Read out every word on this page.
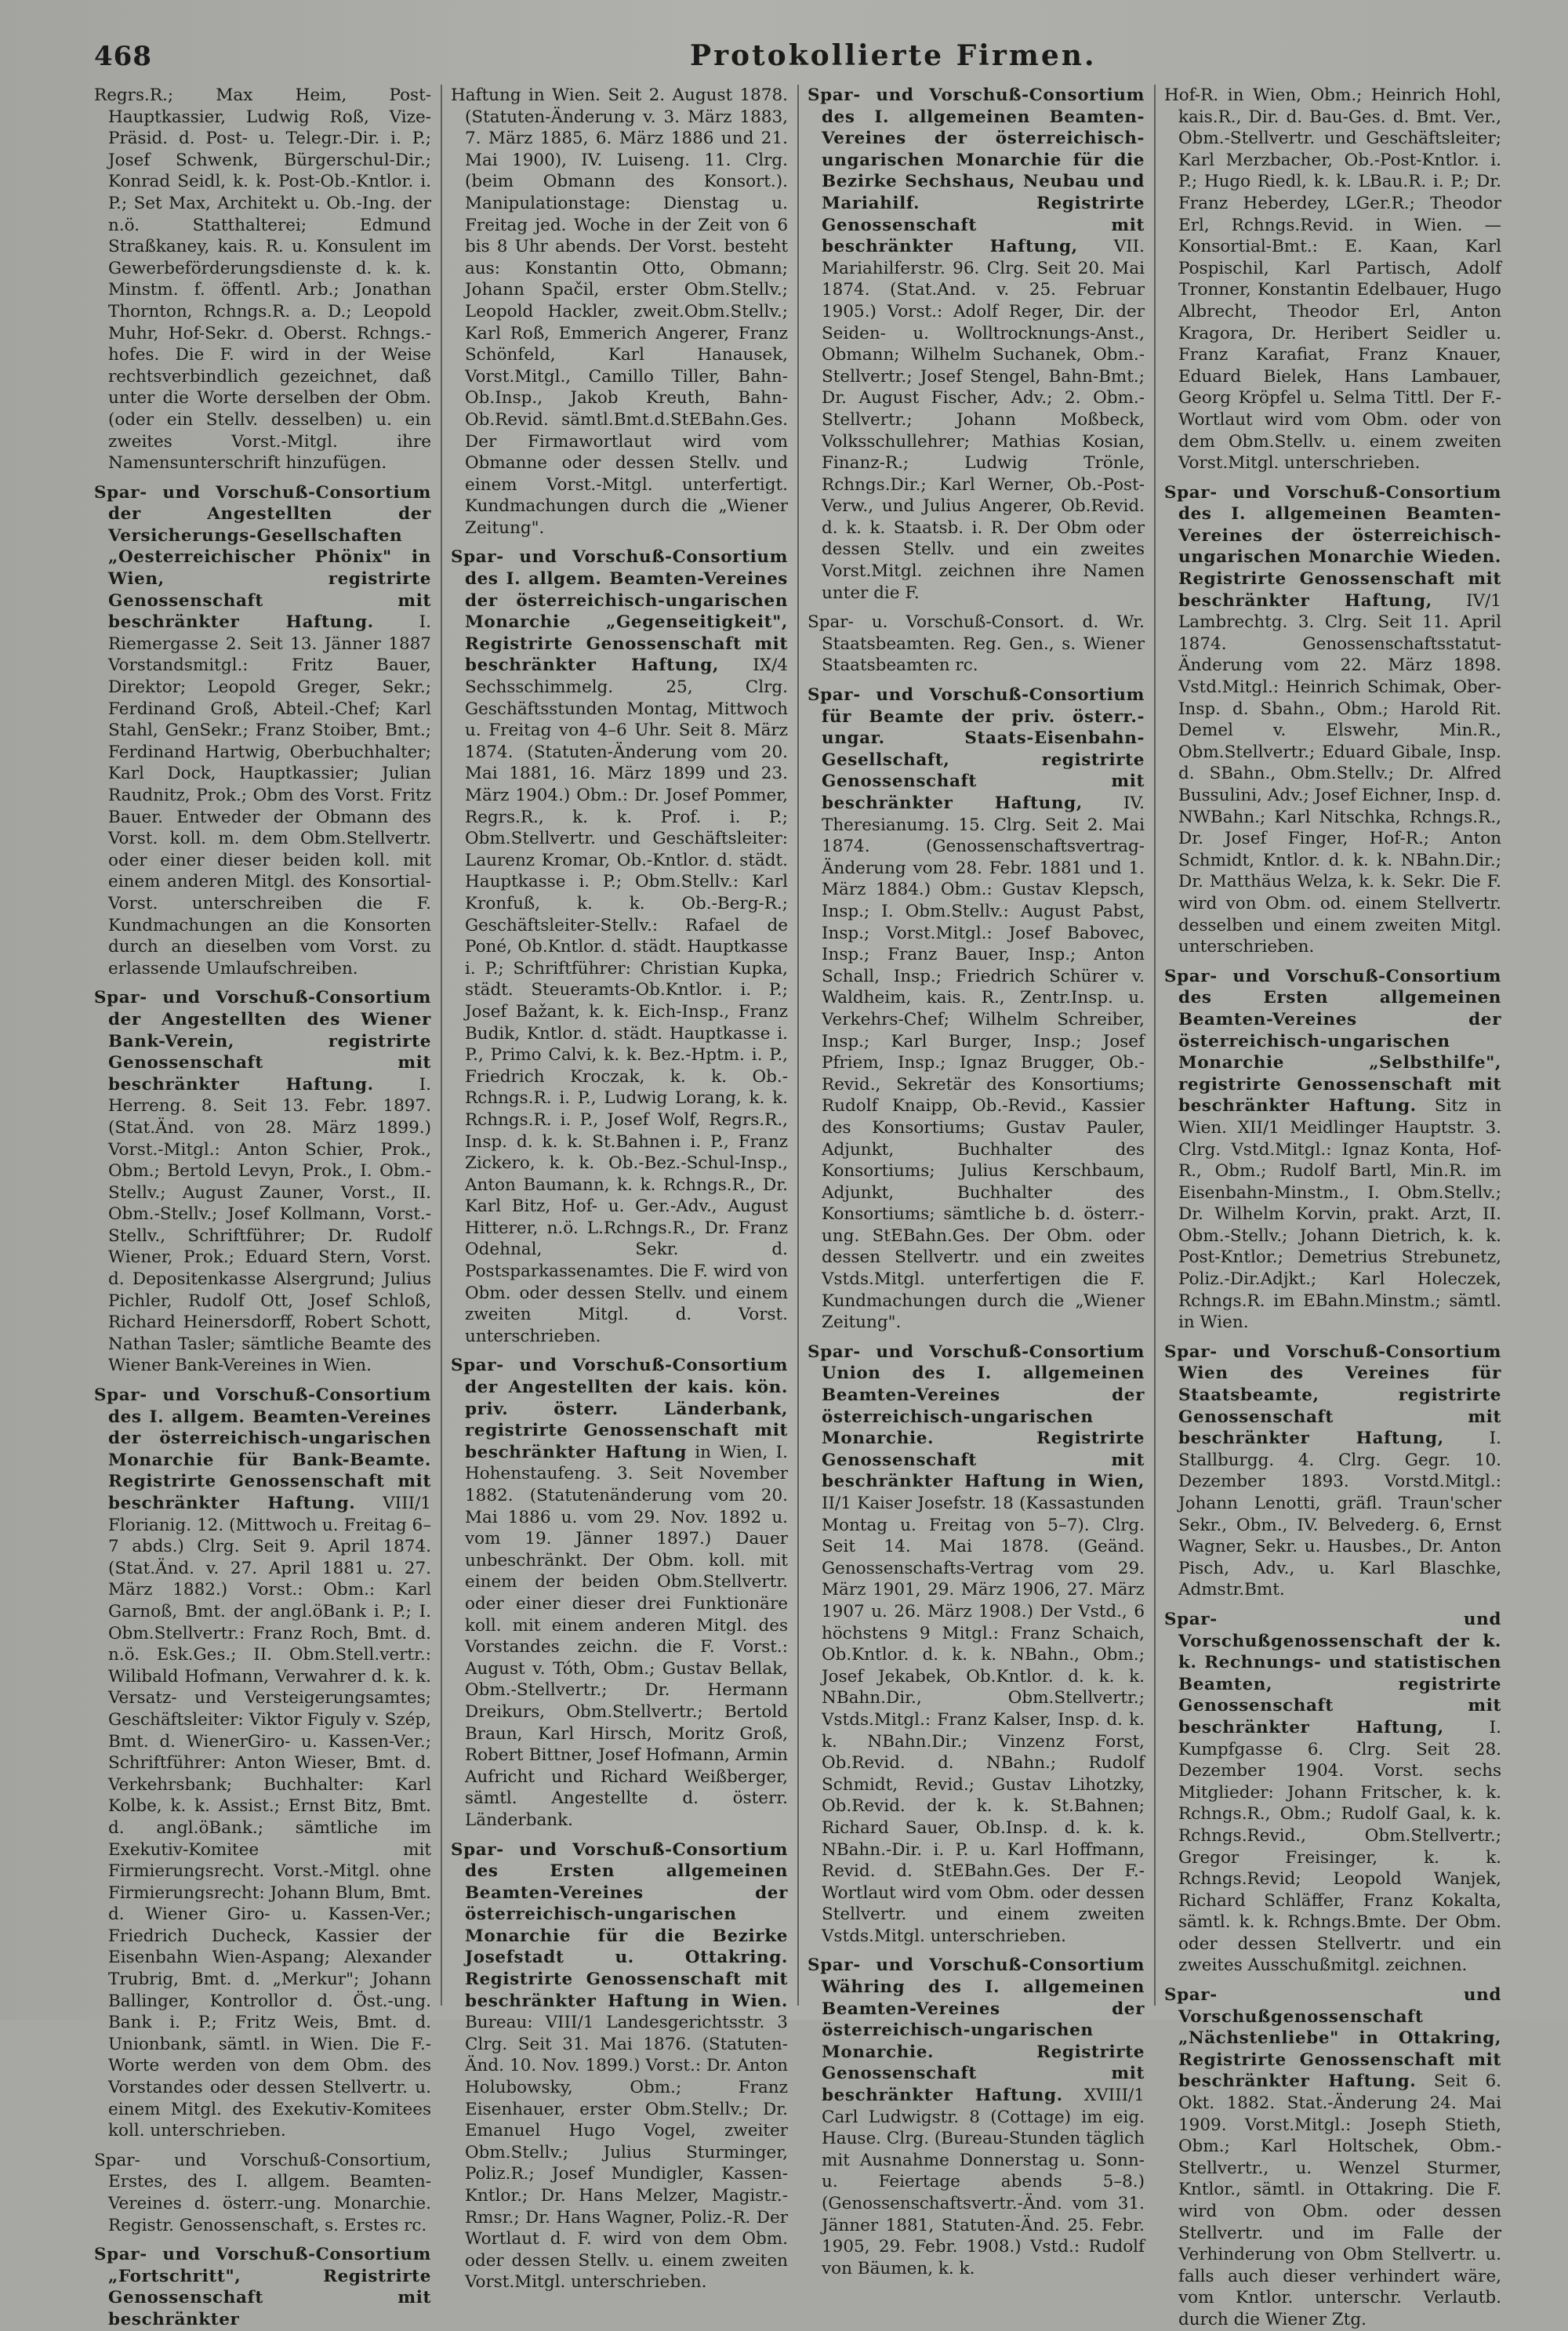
468	Protokollierte Firmen.

Regrs.R.; Max Heim, Post-Hauptkassier, Ludwig Roß, Vize-Präsid. d. Post- u. Telegr.-Dir. i. P.; Josef Schwenk, Bürgerschul-Dir.; Konrad Seidl, k. k. Post-Ob.-Kntlor. i. P.; Set Max, Architekt u. Ob.-Ing. der n.ö. Statthalterei; Edmund Straßkaney, kais. R. u. Konsulent im Gewerbeförderungsdienste d. k. k. Minstm. f. öffentl. Arb.; Jonathan Thornton, Rchngs.R. a. D.; Leopold Muhr, Hof-Sekr. d. Oberst. Rchngs.-hofes. Die F. wird in der Weise rechtsverbindlich gezeichnet, daß unter die Worte derselben der Obm. (oder ein Stellv. desselben) u. ein zweites Vorst.-Mitgl. ihre Namensunterschrift hinzufügen.

Spar- und Vorschuß-Consortium der Angestellten der Versicherungs-Gesellschaften „Oesterreichischer Phönix" in Wien, registrirte Genossenschaft mit beschränkter Haftung.	I. Riemergasse 2. Seit 13. Jänner 1887 Vorstandsmitgl.: Fritz Bauer, Direktor; Leopold Greger, Sekr.; Ferdinand Groß, Abteil.-Chef; Karl Stahl, GenSekr.; Franz Stoiber, Bmt.; Ferdinand Hartwig, Oberbuchhalter; Karl Dock, Hauptkassier; Julian Raudnitz, Prok.; Obm des Vorst. Fritz Bauer. Entweder der Obmann des Vorst. koll. m. dem Obm.Stellvertr. oder einer dieser beiden koll. mit einem anderen Mitgl. des Konsortial-Vorst. unterschreiben die F. Kundmachungen an die Konsorten durch an dieselben vom Vorst. zu erlassende Umlaufschreiben.

Spar- und Vorschuß-Consortium der Angestellten des Wiener Bank-Verein, registrirte Genossenschaft mit beschränkter Haftung.	I. Herreng. 8. Seit 13. Febr. 1897. (Stat.Änd. von 28. März 1899.) Vorst.-Mitgl.: Anton Schier, Prok., Obm.; Bertold Levyn, Prok., I. Obm.-Stellv.; August Zauner, Vorst., II. Obm.-Stellv.; Josef Kollmann, Vorst.-Stellv., Schriftführer; Dr. Rudolf Wiener, Prok.; Eduard Stern, Vorst. d. Depositenkasse Alsergrund; Julius Pichler, Rudolf Ott, Josef Schloß, Richard Heinersdorff, Robert Schott, Nathan Tasler; sämtliche Beamte des Wiener Bank-Vereines in Wien.

Spar- und Vorschuß-Consortium des I. allgem. Beamten-Vereines der österreichisch-ungarischen Monarchie für Bank-Beamte. Registrirte Genossenschaft mit beschränkter Haftung. VIII/1 Florianig. 12. (Mittwoch u. Freitag 6–7 abds.) Clrg. Seit 9. April 1874. (Stat.Änd. v. 27. April 1881 u. 27. März 1882.) Vorst.: Obm.: Karl Garnoß, Bmt. der angl.öBank i. P.; I. Obm.Stellvertr.: Franz Roch, Bmt. d. n.ö. Esk.Ges.; II. Obm.Stell.vertr.: Wilibald Hofmann, Verwahrer d. k. k. Versatz- und Versteigerungsamtes; Geschäftsleiter: Viktor Figuly v. Szép, Bmt. d. WienerGiro- u. Kassen-Ver.; Schriftführer: Anton Wieser, Bmt. d. Verkehrsbank; Buchhalter: Karl Kolbe, k. k. Assist.; Ernst Bitz, Bmt. d. angl.öBank.; sämtliche im Exekutiv-Komitee mit Firmierungsrecht. Vorst.-Mitgl. ohne Firmierungsrecht: Johann Blum, Bmt. d. Wiener Giro- u. Kassen-Ver.; Friedrich Ducheck, Kassier der Eisenbahn Wien-Aspang; Alexander Trubrig, Bmt. d. „Merkur"; Johann Ballinger, Kontrollor d. Öst.-ung. Bank i. P.; Fritz Weis, Bmt. d. Unionbank, sämtl. in Wien. Die F.-Worte werden von dem Obm. des Vorstandes oder dessen Stellvertr. u. einem Mitgl. des Exekutiv-Komitees koll. unterschrieben.

Spar- und Vorschuß-Consortium, Erstes, des I. allgem. Beamten-Vereines d. österr.-ung. Monarchie. Registr. Genossenschaft, s. Erstes rc.

Spar- und Vorschuß-Consortium „Fortschritt", Registrirte Genossenschaft mit beschränkter

Haftung in Wien. Seit 2. August 1878. (Statuten-Änderung v. 3. März 1883, 7. März 1885, 6. März 1886 und 21. Mai 1900), IV. Luiseng. 11. Clrg. (beim Obmann des Konsort.). Manipulationstage: Dienstag u. Freitag jed. Woche in der Zeit von 6 bis 8 Uhr abends. Der Vorst. besteht aus: Konstantin Otto, Obmann; Johann Spačil, erster Obm.Stellv.; Leopold Hackler, zweit.Obm.Stellv.; Karl Roß, Emmerich Angerer, Franz Schönfeld, Karl Hanausek, Vorst.Mitgl., Camillo Tiller, Bahn-Ob.Insp., Jakob Kreuth, Bahn-Ob.Revid. sämtl.Bmt.d.StEBahn.Ges. Der Firmawortlaut wird vom Obmanne oder dessen Stellv. und einem Vorst.-Mitgl. unterfertigt. Kundmachungen durch die „Wiener Zeitung".

Spar- und Vorschuß-Consortium des I. allgem. Beamten-Vereines der österreichisch-ungarischen Monarchie „Gegenseitigkeit", Registrirte Genossenschaft mit beschränkter Haftung, IX/4 Sechsschimmelg. 25, Clrg. Geschäftsstunden Montag, Mittwoch u. Freitag von 4–6 Uhr. Seit 8. März 1874. (Statuten-Änderung vom 20. Mai 1881, 16. März 1899 und 23. März 1904.) Obm.: Dr. Josef Pommer, Regrs.R., k. k. Prof. i. P.; Obm.Stellvertr. und Geschäftsleiter: Laurenz Kromar, Ob.-Kntlor. d. städt. Hauptkasse i. P.; Obm.Stellv.: Karl Kronfuß, k. k. Ob.-Berg-R.; Geschäftsleiter-Stellv.: Rafael de Poné, Ob.Kntlor. d. städt. Hauptkasse i. P.; Schriftführer: Christian Kupka, städt. Steueramts-Ob.Kntlor. i. P.; Josef Bažant, k. k. Eich-Insp., Franz Budik, Kntlor. d. städt. Hauptkasse i. P., Primo Calvi, k. k. Bez.-Hptm. i. P., Friedrich Kroczak, k. k. Ob.-Rchngs.R. i. P., Ludwig Lorang, k. k. Rchngs.R. i. P., Josef Wolf, Regrs.R., Insp. d. k. k. St.Bahnen i. P., Franz Zickero, k. k. Ob.-Bez.-Schul-Insp., Anton Baumann, k. k. Rchngs.R., Dr. Karl Bitz, Hof- u. Ger.-Adv., August Hitterer, n.ö. L.Rchngs.R., Dr. Franz Odehnal, Sekr. d. Postsparkassenamtes. Die F. wird von Obm. oder dessen Stellv. und einem zweiten Mitgl. d. Vorst. unterschrieben.

Spar- und Vorschuß-Consortium der Angestellten der kais. kön. priv. österr. Länderbank, registrirte Genossenschaft mit beschränkter Haftung in Wien, I. Hohenstaufeng. 3. Seit November 1882. (Statutenänderung vom 20. Mai 1886 u. vom 29. Nov. 1892 u. vom 19. Jänner 1897.) Dauer unbeschränkt. Der Obm. koll. mit einem der beiden Obm.Stellvertr. oder einer dieser drei Funktionäre koll. mit einem anderen Mitgl. des Vorstandes zeichn. die F. Vorst.: August v. Tóth, Obm.; Gustav Bellak, Obm.-Stellvertr.; Dr. Hermann Dreikurs, Obm.Stellvertr.; Bertold Braun, Karl Hirsch, Moritz Groß, Robert Bittner, Josef Hofmann, Armin Aufricht und Richard Weißberger, sämtl. Angestellte d. österr. Länderbank.

Spar- und Vorschuß-Consortium des Ersten allgemeinen Beamten-Vereines der österreichisch-ungarischen Monarchie für die Bezirke Josefstadt u. Ottakring. Registrirte Genossenschaft mit beschränkter Haftung in Wien. Bureau: VIII/1 Landesgerichtsstr. 3 Clrg. Seit 31. Mai 1876. (Statuten-Änd. 10. Nov. 1899.) Vorst.: Dr. Anton Holubowsky, Obm.; Franz Eisenhauer, erster Obm.Stellv.; Dr. Emanuel Hugo Vogel, zweiter Obm.Stellv.; Julius Sturminger, Poliz.R.; Josef Mundigler, Kassen-Kntlor.; Dr. Hans Melzer, Magistr.-Rmsr.; Dr. Hans Wagner, Poliz.-R. Der Wortlaut d. F. wird von dem Obm. oder dessen Stellv. u. einem zweiten Vorst.Mitgl. unterschrieben.

Spar- und Vorschuß-Consortium des I. allgemeinen Beamten-Vereines der österreichisch-ungarischen Monarchie für die Bezirke Sechshaus, Neubau und Mariahilf. Registrirte Genossenschaft mit beschränkter Haftung, VII. Mariahilferstr. 96. Clrg. Seit 20. Mai 1874. (Stat.And. v. 25. Februar 1905.) Vorst.: Adolf Reger, Dir. der Seiden- u. Wolltrocknungs-Anst., Obmann; Wilhelm Suchanek, Obm.-Stellvertr.; Josef Stengel, Bahn-Bmt.; Dr. August Fischer, Adv.; 2. Obm.-Stellvertr.; Johann Moßbeck, Volksschullehrer; Mathias Kosian, Finanz-R.; Ludwig Trönle, Rchngs.Dir.; Karl Werner, Ob.-Post-Verw., und Julius Angerer, Ob.Revid. d. k. k. Staatsb. i. R. Der Obm oder dessen Stellv. und ein zweites Vorst.Mitgl. zeichnen ihre Namen unter die F.

Spar- u. Vorschuß-Consort. d. Wr. Staatsbeamten. Reg. Gen., s. Wiener Staatsbeamten rc.

Spar- und Vorschuß-Consortium für Beamte der priv. österr.-ungar. Staats-Eisenbahn-Gesellschaft, registrirte Genossenschaft mit beschränkter Haftung, IV. Theresianumg. 15. Clrg. Seit 2. Mai 1874. (Genossenschaftsvertrag-Änderung vom 28. Febr. 1881 und 1. März 1884.) Obm.: Gustav Klepsch, Insp.; I. Obm.Stellv.: August Pabst, Insp.; Vorst.Mitgl.: Josef Babovec, Insp.; Franz Bauer, Insp.; Anton Schall, Insp.; Friedrich Schürer v. Waldheim, kais. R., Zentr.Insp. u. Verkehrs-Chef; Wilhelm Schreiber, Insp.; Karl Burger, Insp.; Josef Pfriem, Insp.; Ignaz Brugger, Ob.-Revid., Sekretär des Konsortiums; Rudolf Knaipp, Ob.-Revid., Kassier des Konsortiums; Gustav Pauler, Adjunkt, Buchhalter des Konsortiums; Julius Kerschbaum, Adjunkt, Buchhalter des Konsortiums; sämtliche b. d. österr.-ung. StEBahn.Ges. Der Obm. oder dessen Stellvertr. und ein zweites Vstds.Mitgl. unterfertigen die F. Kundmachungen durch die „Wiener Zeitung".

Spar- und Vorschuß-Consortium Union des I. allgemeinen Beamten-Vereines der österreichisch-ungarischen Monarchie. Registrirte Genossenschaft mit beschränkter Haftung in Wien, II/1 Kaiser Josefstr. 18 (Kassastunden Montag u. Freitag von 5–7). Clrg. Seit 14. Mai 1878. (Geänd. Genossenschafts-Vertrag vom 29. März 1901, 29. März 1906, 27. März 1907 u. 26. März 1908.) Der Vstd., 6 höchstens 9 Mitgl.: Franz Schaich, Ob.Kntlor. d. k. k. NBahn., Obm.; Josef Jekabek, Ob.Kntlor. d. k. k. NBahn.Dir., Obm.Stellvertr.; Vstds.Mitgl.: Franz Kalser, Insp. d. k. k. NBahn.Dir.; Vinzenz Forst, Ob.Revid. d. NBahn.; Rudolf Schmidt, Revid.; Gustav Lihotzky, Ob.Revid. der k. k. St.Bahnen; Richard Sauer, Ob.Insp. d. k. k. NBahn.-Dir. i. P. u. Karl Hoffmann, Revid. d. StEBahn.Ges. Der F.-Wortlaut wird vom Obm. oder dessen Stellvertr. und einem zweiten Vstds.Mitgl. unterschrieben.

Spar- und Vorschuß-Consortium Währing des I. allgemeinen Beamten-Vereines der österreichisch-ungarischen Monarchie. Registrirte Genossenschaft mit beschränkter Haftung. XVIII/1 Carl Ludwigstr. 8 (Cottage) im eig. Hause. Clrg. (Bureau-Stunden täglich mit Ausnahme Donnerstag u. Sonn- u. Feiertage abends 5–8.) (Genossenschaftsvertr.-Änd. vom 31. Jänner 1881, Statuten-Änd. 25. Febr. 1905, 29. Febr. 1908.) Vstd.: Rudolf von Bäumen, k. k.

Hof-R. in Wien, Obm.; Heinrich Hohl, kais.R., Dir. d. Bau-Ges. d. Bmt. Ver., Obm.-Stellvertr. und Geschäftsleiter; Karl Merzbacher, Ob.-Post-Kntlor. i. P.; Hugo Riedl, k. k. LBau.R. i. P.; Dr. Franz Heberdey, LGer.R.; Theodor Erl, Rchngs.Revid. in Wien. — Konsortial-Bmt.: E. Kaan, Karl Pospischil, Karl Partisch, Adolf Tronner, Konstantin Edelbauer, Hugo Albrecht, Theodor Erl, Anton Kragora, Dr. Heribert Seidler u. Franz Karafiat, Franz Knauer, Eduard Bielek, Hans Lambauer, Georg Kröpfel u. Selma Tittl. Der F.-Wortlaut wird vom Obm. oder von dem Obm.Stellv. u. einem zweiten Vorst.Mitgl. unterschrieben.

Spar- und Vorschuß-Consortium des I. allgemeinen Beamten-Vereines der österreichisch-ungarischen Monarchie Wieden. Registrirte Genossenschaft mit beschränkter Haftung, IV/1 Lambrechtg. 3. Clrg. Seit 11. April 1874. Genossenschaftsstatut-Änderung vom 22. März 1898. Vstd.Mitgl.: Heinrich Schimak, Ober-Insp. d. Sbahn., Obm.; Harold Rit. Demel v. Elswehr, Min.R., Obm.Stellvertr.; Eduard Gibale, Insp. d. SBahn., Obm.Stellv.; Dr. Alfred Bussulini, Adv.; Josef Eichner, Insp. d. NWBahn.; Karl Nitschka, Rchngs.R., Dr. Josef Finger, Hof-R.; Anton Schmidt, Kntlor. d. k. k. NBahn.Dir.; Dr. Matthäus Welza, k. k. Sekr. Die F. wird von Obm. od. einem Stellvertr. desselben und einem zweiten Mitgl. unterschrieben.

Spar- und Vorschuß-Consortium des Ersten allgemeinen Beamten-Vereines der österreichisch-ungarischen Monarchie „Selbsthilfe", registrirte Genossenschaft mit beschränkter Haftung. Sitz in Wien. XII/1 Meidlinger Hauptstr. 3. Clrg. Vstd.Mitgl.: Ignaz Konta, Hof-R., Obm.; Rudolf Bartl, Min.R. im Eisenbahn-Minstm., I. Obm.Stellv.; Dr. Wilhelm Korvin, prakt. Arzt, II. Obm.-Stellv.; Johann Dietrich, k. k. Post-Kntlor.; Demetrius Strebunetz, Poliz.-Dir.Adjkt.; Karl Holeczek, Rchngs.R. im EBahn.Minstm.; sämtl. in Wien.

Spar- und Vorschuß-Consortium Wien des Vereines für Staatsbeamte, registrirte Genossenschaft mit beschränkter Haftung,	I. Stallburgg. 4. Clrg. Gegr. 10. Dezember 1893. Vorstd.Mitgl.: Johann Lenotti, gräfl. Traun'scher Sekr., Obm., IV. Belvederg. 6, Ernst Wagner, Sekr. u. Hausbes., Dr. Anton Pisch, Adv., u. Karl Blaschke, Admstr.Bmt.

Spar- und Vorschußgenossenschaft der k. k. Rechnungs- und statistischen Beamten, registrirte Genossenschaft mit beschränkter Haftung,	I. Kumpfgasse 6. Clrg. Seit 28. Dezember 1904. Vorst. sechs Mitglieder: Johann Fritscher, k. k. Rchngs.R., Obm.; Rudolf Gaal, k. k. Rchngs.Revid., Obm.Stellvertr.; Gregor Freisinger, k. k. Rchngs.Revid; Leopold Wanjek, Richard Schläffer, Franz Kokalta, sämtl. k. k. Rchngs.Bmte. Der Obm. oder dessen Stellvertr. und ein zweites Ausschußmitgl. zeichnen.

Spar- und Vorschußgenossenschaft „Nächstenliebe" in Ottakring, Registrirte Genossenschaft mit beschränkter Haftung. Seit 6. Okt. 1882. Stat.-Änderung 24. Mai 1909. Vorst.Mitgl.: Joseph Stieth, Obm.; Karl Holtschek, Obm.-Stellvertr., u. Wenzel Sturmer, Kntlor., sämtl. in Ottakring. Die F. wird von Obm. oder dessen Stellvertr. und im Falle der Verhinderung von Obm Stellvertr. u. falls auch dieser verhindert wäre, vom Kntlor. unterschr. Verlautb. durch die Wiener Ztg.
